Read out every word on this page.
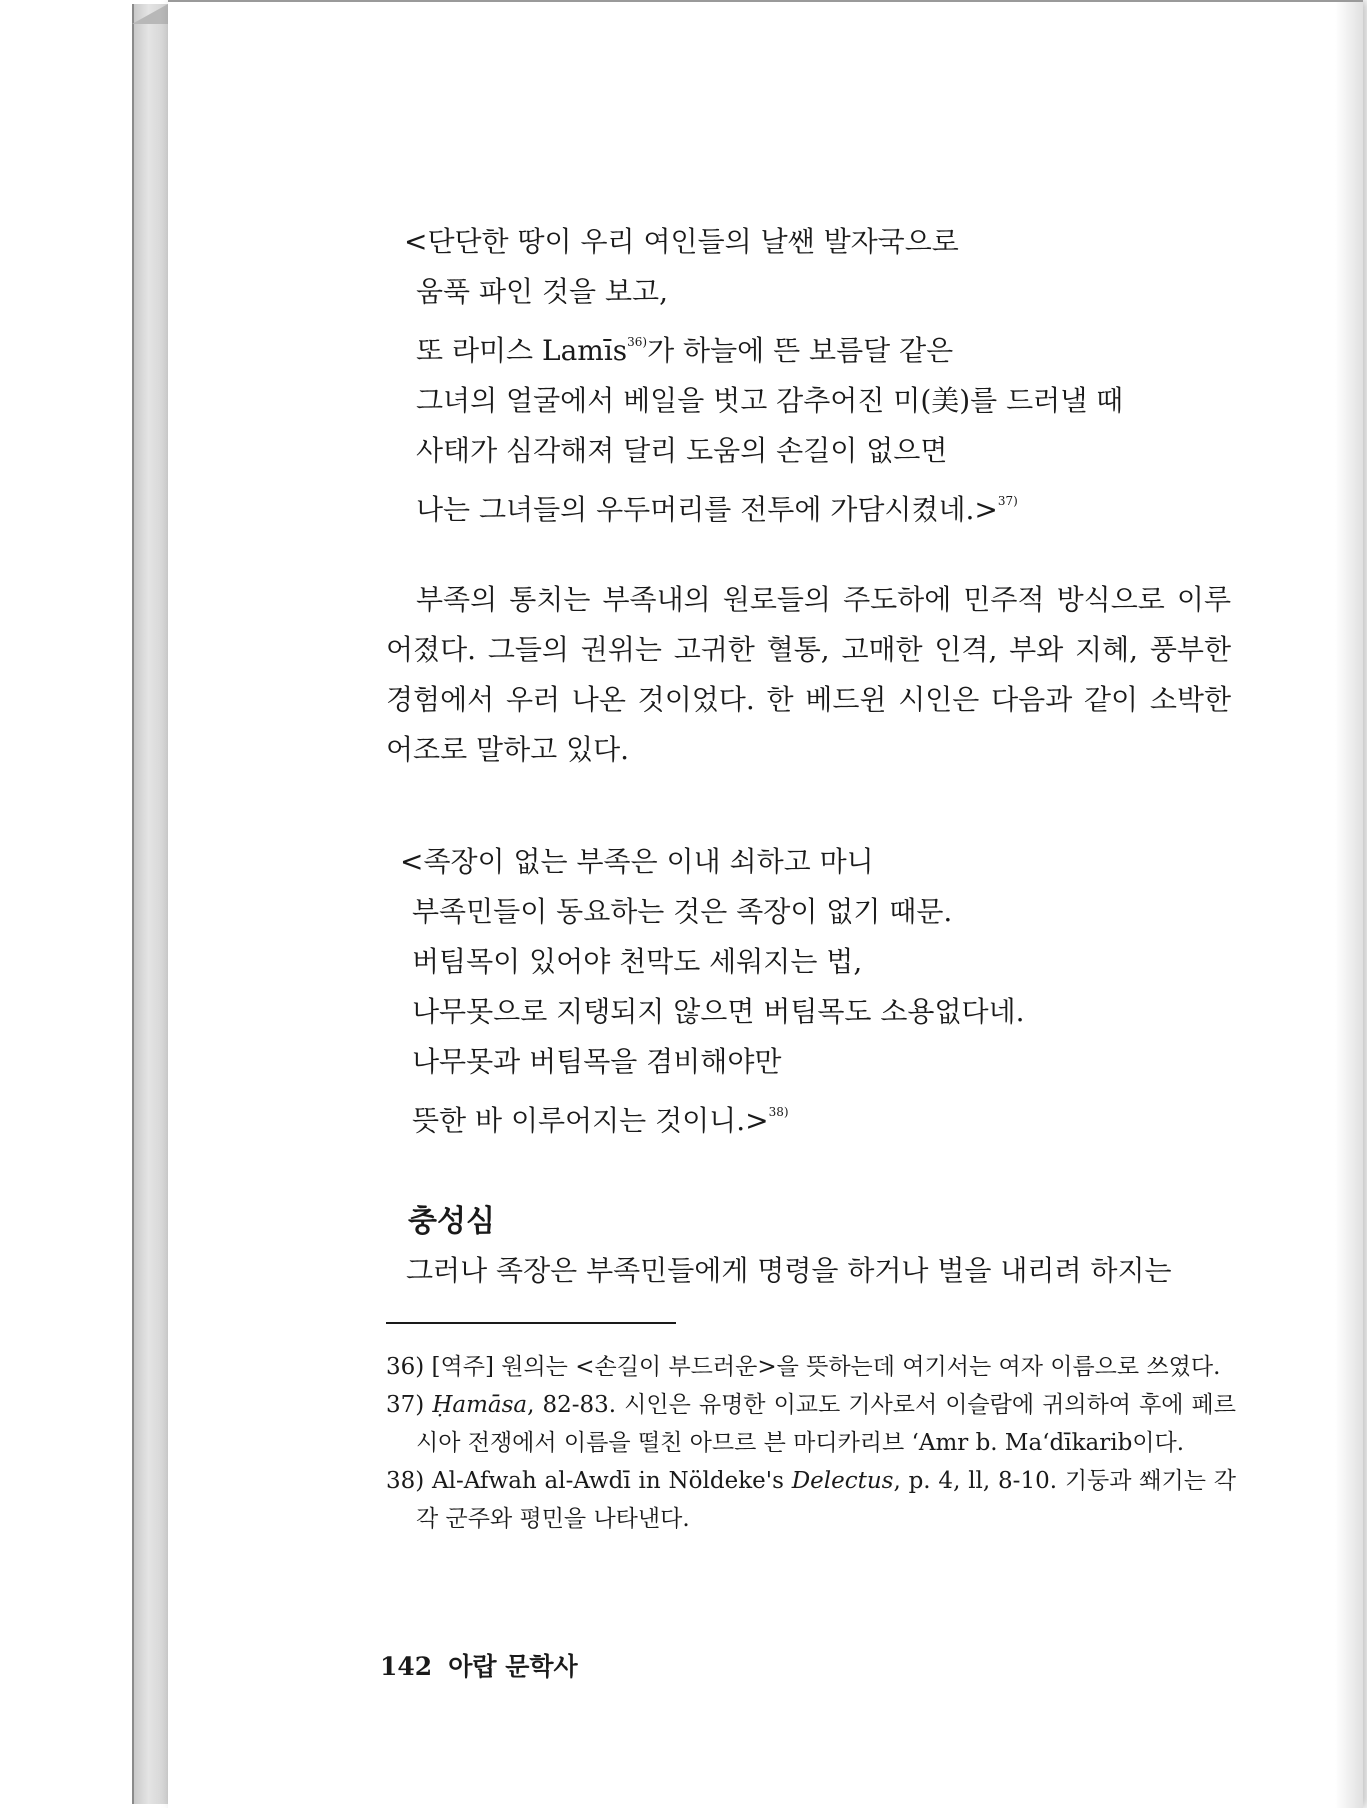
<단단한 땅이 우리 여인들의 날쌘 발자국으로
움푹 파인 것을 보고,
또 라미스 Lamīs$^{36)}$가 하늘에 뜬 보름달 같은
그녀의 얼굴에서 베일을 벗고 감추어진 미(美)를 드러낼 때
사태가 심각해져 달리 도움의 손길이 없으면
나는 그녀들의 우두머리를 전투에 가담시켰네.>$^{37)}$
부족의 통치는 부족내의 원로들의 주도하에 민주적 방식으로 이루어졌다. 그들의 권위는 고귀한 혈통, 고매한 인격, 부와 지혜, 풍부한 경험에서 우러 나온 것이었다. 한 베드윈 시인은 다음과 같이 소박한 어조로 말하고 있다.
<족장이 없는 부족은 이내 쇠하고 마니
부족민들이 동요하는 것은 족장이 없기 때문.
버팀목이 있어야 천막도 세워지는 법,
나무못으로 지탱되지 않으면 버팀목도 소용없다네.
나무못과 버팀목을 겸비해야만
뜻한 바 이루어지는 것이니.>$^{38)}$
충성심
그러나 족장은 부족민들에게 명령을 하거나 벌을 내리려 하지는
36) [역주] 원의는 <손길이 부드러운>을 뜻하는데 여기서는 여자 이름으로 쓰였다.
37) Ḥamāsa, 82-83. 시인은 유명한 이교도 기사로서 이슬람에 귀의하여 후에 페르시아 전쟁에서 이름을 떨친 아므르 븐 마디카리브 ʻAmr b. Maʻdīkarib이다.
38) Al-Afwah al-Awdī in Nöldeke's Delectus, p. 4, ll, 8-10. 기둥과 쐐기는 각각 군주와 평민을 나타낸다.
142 아랍 문학사
